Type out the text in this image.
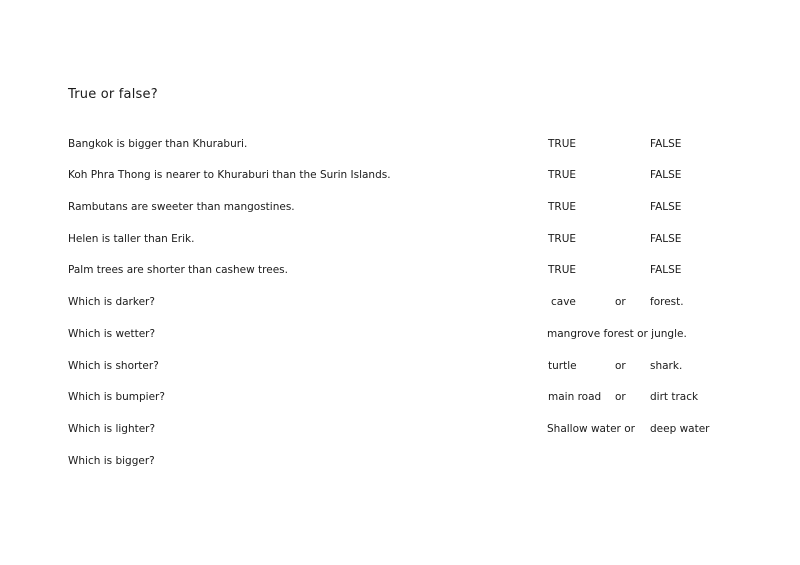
True or false?
Bangkok is bigger than Khuraburi.	TRUE	FALSE
Koh Phra Thong is nearer to Khuraburi than the Surin Islands.	TRUE	FALSE
Rambutans are sweeter than mangostines.	TRUE	FALSE
Helen is taller than Erik.	TRUE	FALSE
Palm trees are shorter than cashew trees.	TRUE	FALSE
Which is darker?	cave	or forest.
Which is wetter?	mangrove forest or jungle.
Which is shorter?	turtle	or shark.
Which is bumpier?	main road or dirt track
Which is lighter?	Shallow water or deep water
Which is bigger?
